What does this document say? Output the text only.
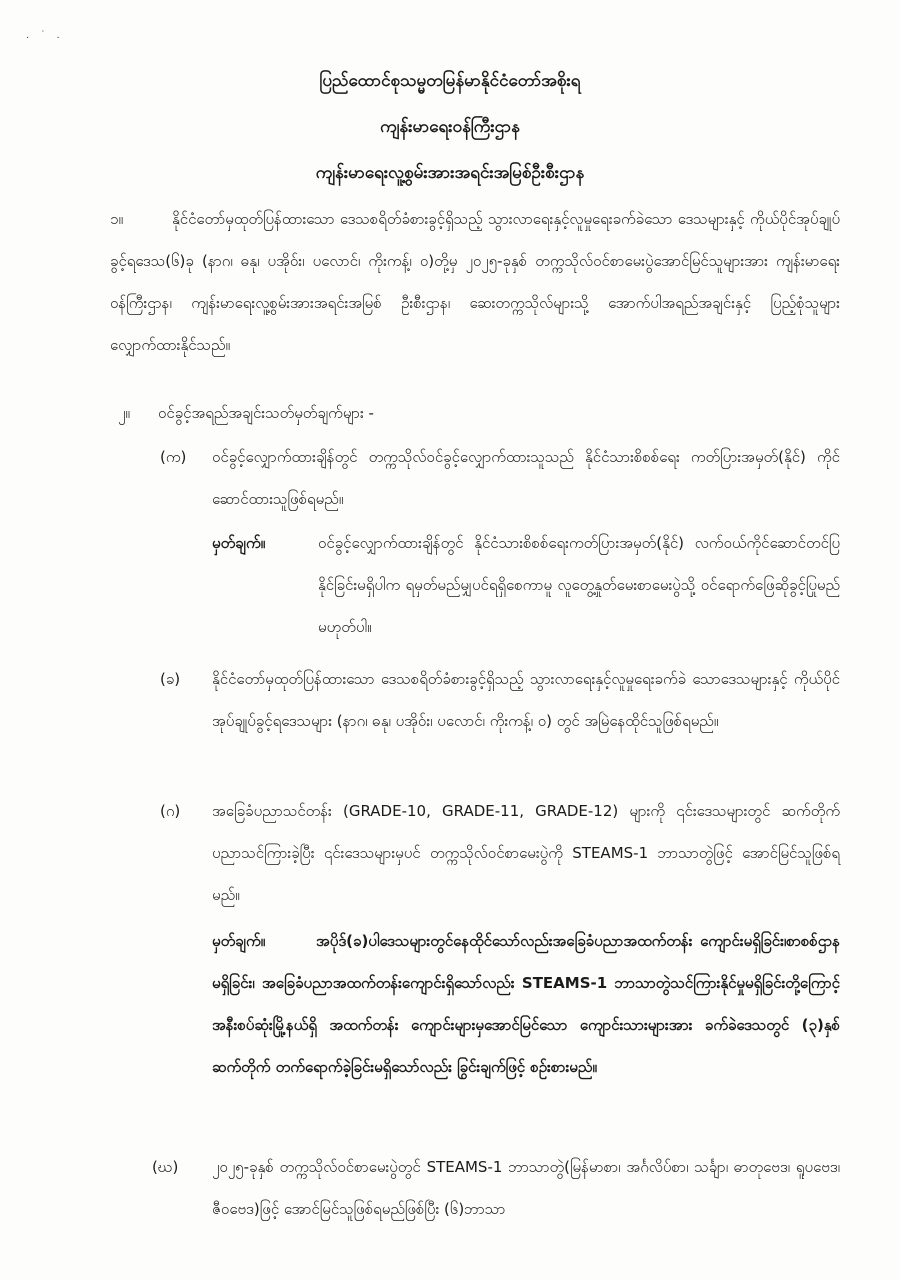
. ˙ .

ပြည်ထောင်စုသမ္မတမြန်မာနိုင်ငံတော်အစိုးရ

ကျန်းမာရေးဝန်ကြီးဌာန

ကျန်းမာရေးလူ့စွမ်းအားအရင်းအမြစ်ဦးစီးဌာန

၁။	နိုင်ငံတော်မှထုတ်ပြန်ထားသော ဒေသစရိတ်ခံစားခွင့်ရှိသည့် သွားလာရေးနှင့်လူမှုရေးခက်ခဲသော ဒေသများနှင့် ကိုယ်ပိုင်အုပ်ချုပ်ခွင့်ရဒေသ(၆)ခု (နာဂ၊ ဓနု၊ ပအိုဝ်း၊ ပလောင်၊ ကိုးကန့်၊ ဝ)တို့မှ ၂၀၂၅-ခုနှစ် တက္ကသိုလ်ဝင်စာမေးပွဲအောင်မြင်သူများအား ကျန်းမာရေးဝန်ကြီးဌာန၊ ကျန်းမာရေးလူ့စွမ်းအားအရင်းအမြစ် ဦးစီးဌာန၊ ဆေးတက္ကသိုလ်များသို့ အောက်ပါအရည်အချင်းနှင့် ပြည့်စုံသူများ လျှောက်ထားနိုင်သည်။
၂။ ဝင်ခွင့်အရည်အချင်းသတ်မှတ်ချက်များ -
(က) ဝင်ခွင့်လျှောက်ထားချိန်တွင် တက္ကသိုလ်ဝင်ခွင့်လျှောက်ထားသူသည် နိုင်ငံသားစိစစ်ရေး ကတ်ပြားအမှတ်(နိုင်) ကိုင်ဆောင်ထားသူဖြစ်ရမည်။
မှတ်ချက်။	ဝင်ခွင့်လျှောက်ထားချိန်တွင် နိုင်ငံသားစိစစ်ရေးကတ်ပြားအမှတ်(နိုင်) လက်ဝယ်ကိုင်ဆောင်တင်ပြနိုင်ခြင်းမရှိပါက ရမှတ်မည်မျှပင်ရရှိစေကာမူ လူတွေ့နှုတ်မေးစာမေးပွဲသို့ ဝင်ရောက်ဖြေဆိုခွင့်ပြုမည်မဟုတ်ပါ။
(ခ) နိုင်ငံတော်မှထုတ်ပြန်ထားသော ဒေသစရိတ်ခံစားခွင့်ရှိသည့် သွားလာရေးနှင့်လူမှုရေးခက်ခဲ သောဒေသများနှင့် ကိုယ်ပိုင်အုပ်ချုပ်ခွင့်ရဒေသများ (နာဂ၊ ဓနု၊ ပအိုဝ်း၊ ပလောင်၊ ကိုးကန့်၊ ဝ) တွင် အမြဲနေထိုင်သူဖြစ်ရမည်။
(ဂ) အခြေခံပညာသင်တန်း (GRADE-10, GRADE-11, GRADE-12) များကို ၎င်းဒေသများတွင် ဆက်တိုက်ပညာသင်ကြားခဲ့ပြီး ၎င်းဒေသများမှပင် တက္ကသိုလ်ဝင်စာမေးပွဲကို STEAMS-1 ဘာသာတွဲဖြင့် အောင်မြင်သူဖြစ်ရမည်။
မှတ်ချက်။	အပိုဒ်(ခ)ပါဒေသများတွင်နေထိုင်သော်လည်းအခြေခံပညာအထက်တန်း ကျောင်းမရှိခြင်း၊စာစစ်ဌာနမရှိခြင်း၊ အခြေခံပညာအထက်တန်းကျောင်းရှိသော်လည်း STEAMS-1 ဘာသာတွဲသင်ကြားနိုင်မှုမရှိခြင်းတို့ကြောင့် အနီးစပ်ဆုံးမြို့နယ်ရှိ အထက်တန်း ကျောင်းများမှအောင်မြင်သော ကျောင်းသားများအား ခက်ခဲဒေသတွင် (၃)နှစ်ဆက်တိုက် တက်ရောက်ခဲ့ခြင်းမရှိသော်လည်း ခြွင်းချက်ဖြင့် စဉ်းစားမည်။
(ဃ) ၂၀၂၅-ခုနှစ် တက္ကသိုလ်ဝင်စာမေးပွဲတွင် STEAMS-1 ဘာသာတွဲ(မြန်မာစာ၊ အင်္ဂလိပ်စာ၊ သင်္ချာ၊ ဓာတုဗေဒ၊ ရူပဗေဒ၊ ဇီဝဗေဒ)ဖြင့် အောင်မြင်သူဖြစ်ရမည်ဖြစ်ပြီး (၆)ဘာသာ
